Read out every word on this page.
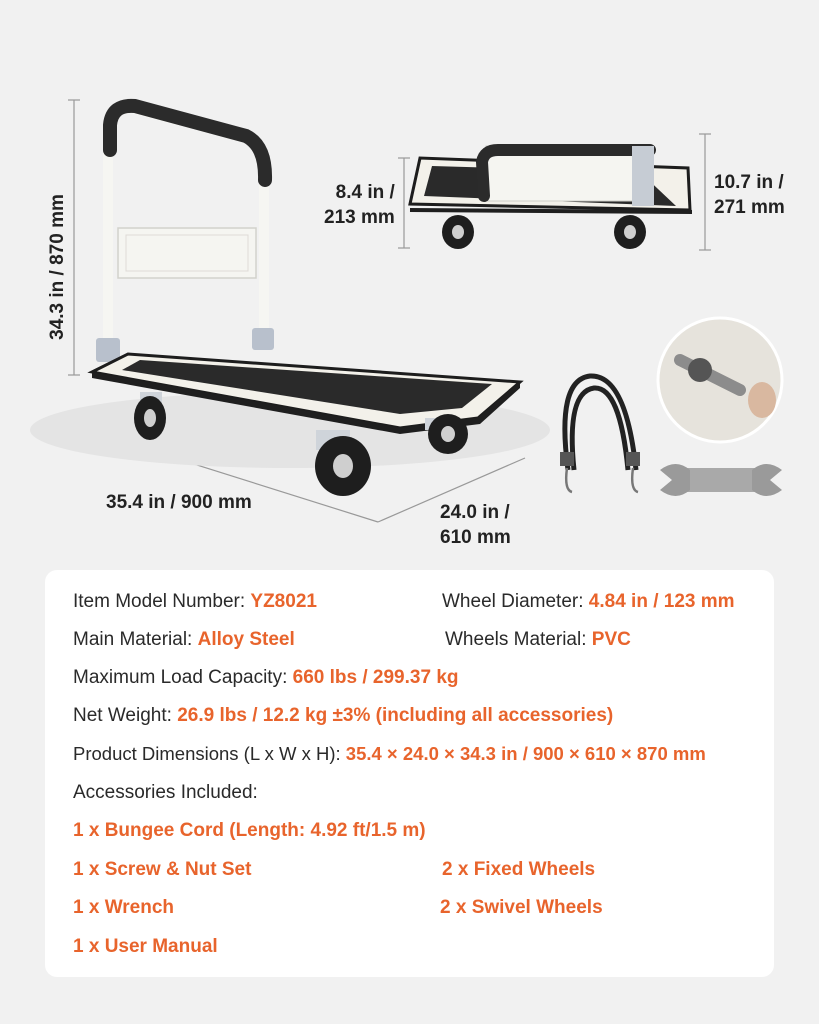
34.3 in / 870 mm
35.4 in / 900 mm	24.0 in /
610 mm
8.4 in /
213 mm
10.7 in /
271 mm
Item Model Number: YZ8021	Wheel Diameter: 4.84 in / 123 mm
Main Material: Alloy Steel	Wheels Material: PVC
Maximum Load Capacity: 660 lbs / 299.37 kg
Net Weight: 26.9 lbs / 12.2 kg ±3% (including all accessories)
Product Dimensions (L x W x H): 35.4 × 24.0 × 34.3 in / 900 × 610 × 870 mm
Accessories Included:
1 x Bungee Cord (Length: 4.92 ft/1.5 m)
1 x Screw & Nut Set	2 x Fixed Wheels
1 x Wrench	2 x Swivel Wheels
1 x User Manual
